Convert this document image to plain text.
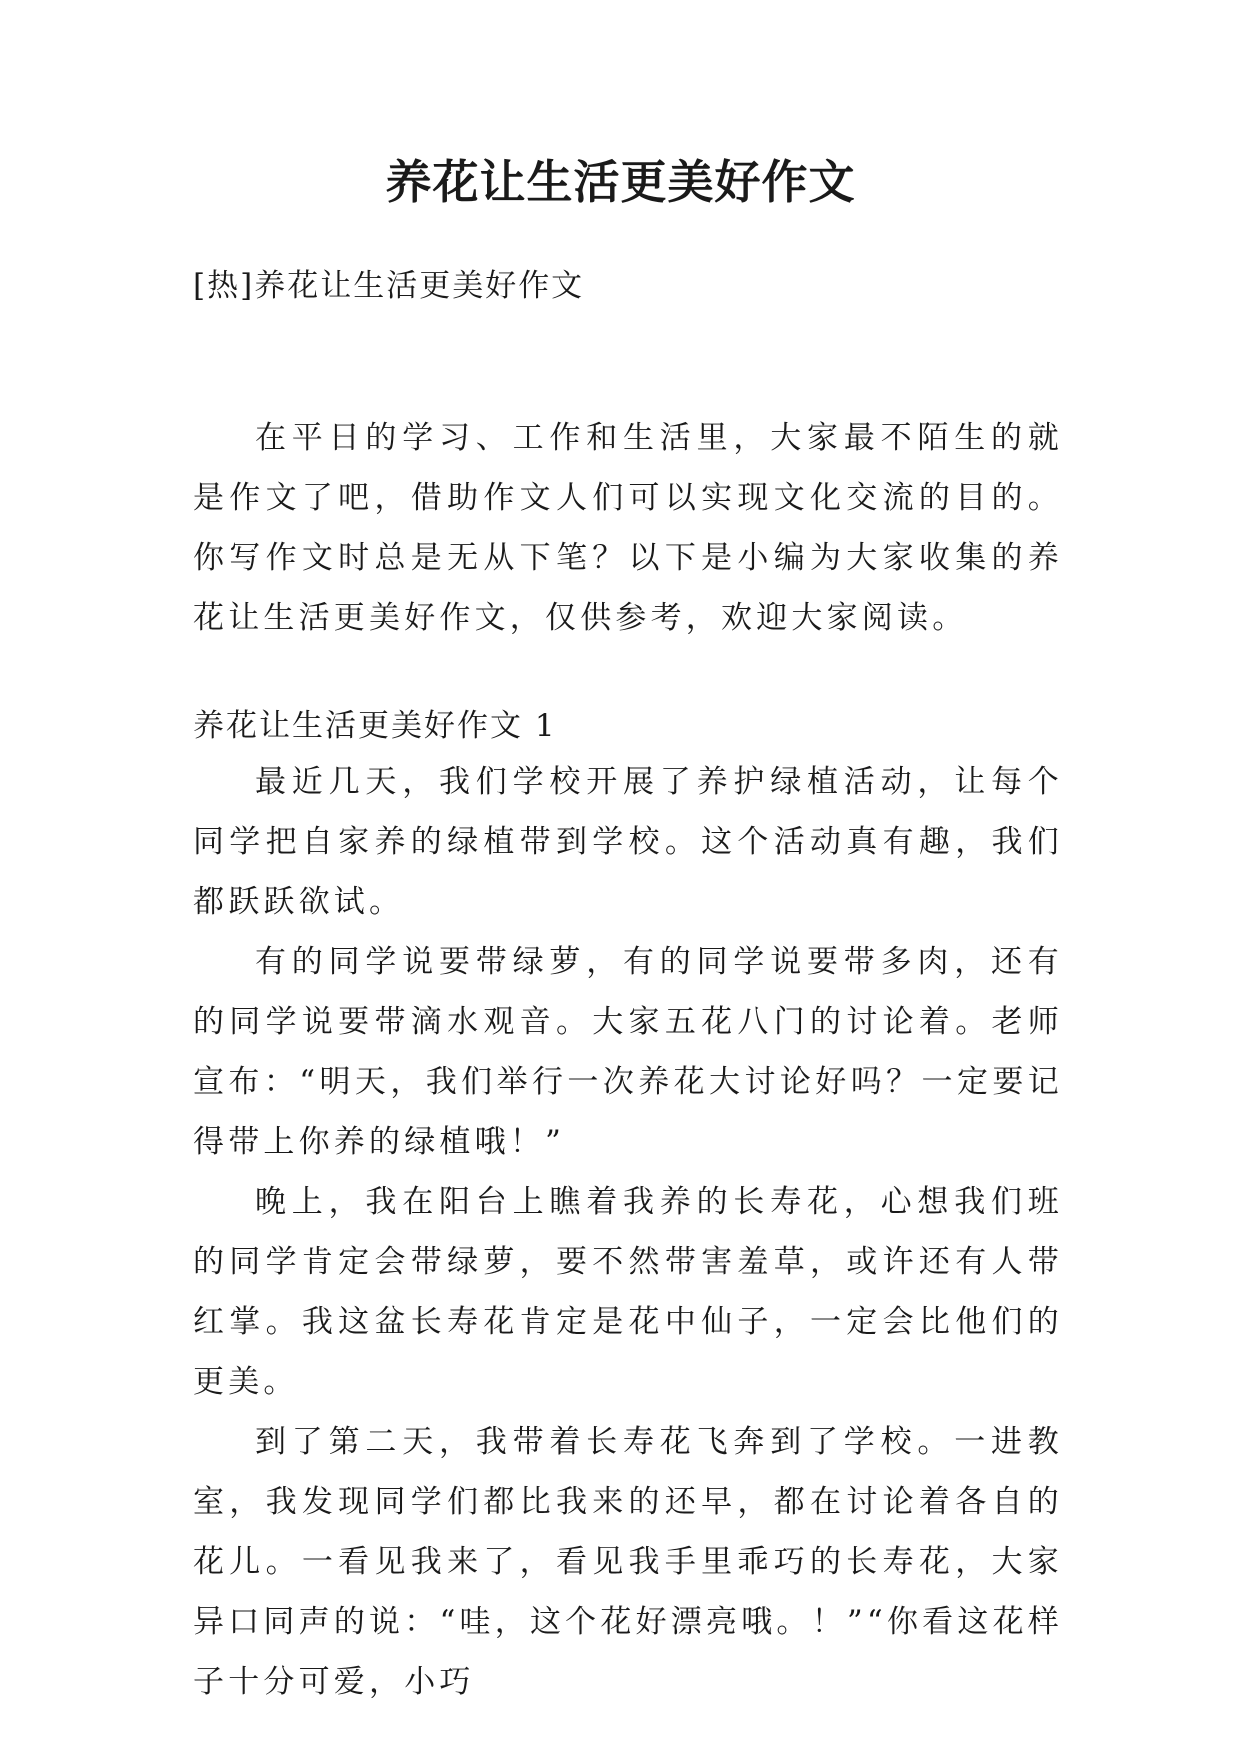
养花让生活更美好作文

[热]养花让生活更美好作文

在平日的学习、工作和生活里，大家最不陌生的就是作文了吧，借助作文人们可以实现文化交流的目的。你写作文时总是无从下笔？以下是小编为大家收集的养花让生活更美好作文，仅供参考，欢迎大家阅读。

养花让生活更美好作文 1

最近几天，我们学校开展了养护绿植活动，让每个同学把自家养的绿植带到学校。这个活动真有趣，我们都跃跃欲试。

有的同学说要带绿萝，有的同学说要带多肉，还有的同学说要带滴水观音。大家五花八门的讨论着。老师宣布：“明天，我们举行一次养花大讨论好吗？一定要记得带上你养的绿植哦！”

晚上，我在阳台上瞧着我养的长寿花，心想我们班的同学肯定会带绿萝，要不然带害羞草，或许还有人带红掌。我这盆长寿花肯定是花中仙子，一定会比他们的更美。

到了第二天，我带着长寿花飞奔到了学校。一进教室，我发现同学们都比我来的还早，都在讨论着各自的花儿。一看见我来了，看见我手里乖巧的长寿花，大家异口同声的说：“哇，这个花好漂亮哦。！”“你看这花样子十分可爱，小巧
